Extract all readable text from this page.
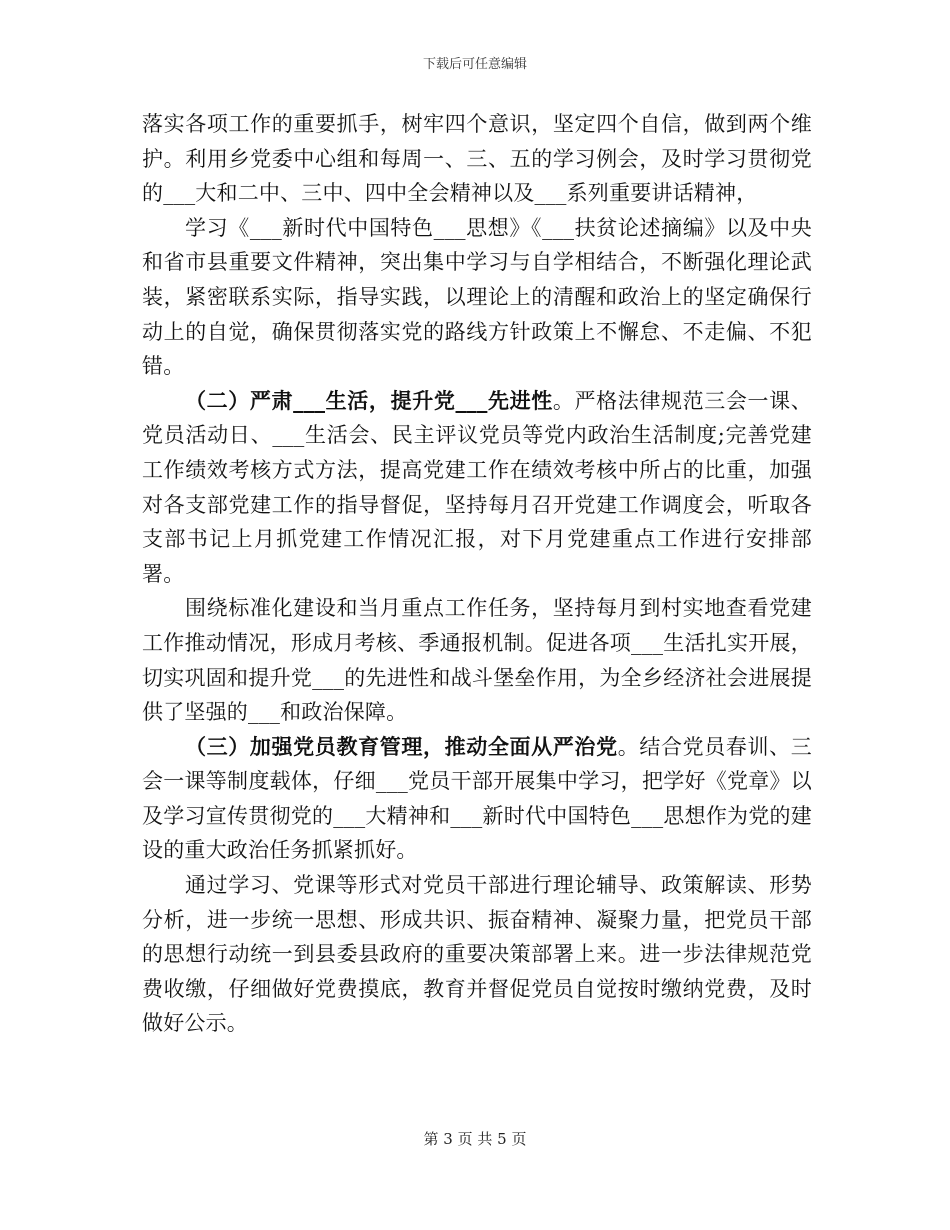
下载后可任意编辑

落实各项工作的重要抓手，树牢四个意识，坚定四个自信，做到两个维护。利用乡党委中心组和每周一、三、五的学习例会，及时学习贯彻党的___大和二中、三中、四中全会精神以及___系列重要讲话精神，

学习《___新时代中国特色___思想》《___扶贫论述摘编》以及中央和省市县重要文件精神，突出集中学习与自学相结合，不断强化理论武装，紧密联系实际，指导实践，以理论上的清醒和政治上的坚定确保行动上的自觉，确保贯彻落实党的路线方针政策上不懈怠、不走偏、不犯错。

（二）严肃___生活，提升党___先进性。严格法律规范三会一课、党员活动日、___生活会、民主评议党员等党内政治生活制度;完善党建工作绩效考核方式方法，提高党建工作在绩效考核中所占的比重，加强对各支部党建工作的指导督促，坚持每月召开党建工作调度会，听取各支部书记上月抓党建工作情况汇报，对下月党建重点工作进行安排部署。

围绕标准化建设和当月重点工作任务，坚持每月到村实地查看党建工作推动情况，形成月考核、季通报机制。促进各项___生活扎实开展，切实巩固和提升党___的先进性和战斗堡垒作用，为全乡经济社会进展提供了坚强的___和政治保障。

（三）加强党员教育管理，推动全面从严治党。结合党员春训、三会一课等制度载体，仔细___党员干部开展集中学习，把学好《党章》以及学习宣传贯彻党的___大精神和___新时代中国特色___思想作为党的建设的重大政治任务抓紧抓好。

通过学习、党课等形式对党员干部进行理论辅导、政策解读、形势分析，进一步统一思想、形成共识、振奋精神、凝聚力量，把党员干部的思想行动统一到县委县政府的重要决策部署上来。进一步法律规范党费收缴，仔细做好党费摸底，教育并督促党员自觉按时缴纳党费，及时做好公示。

第 3 页 共 5 页
